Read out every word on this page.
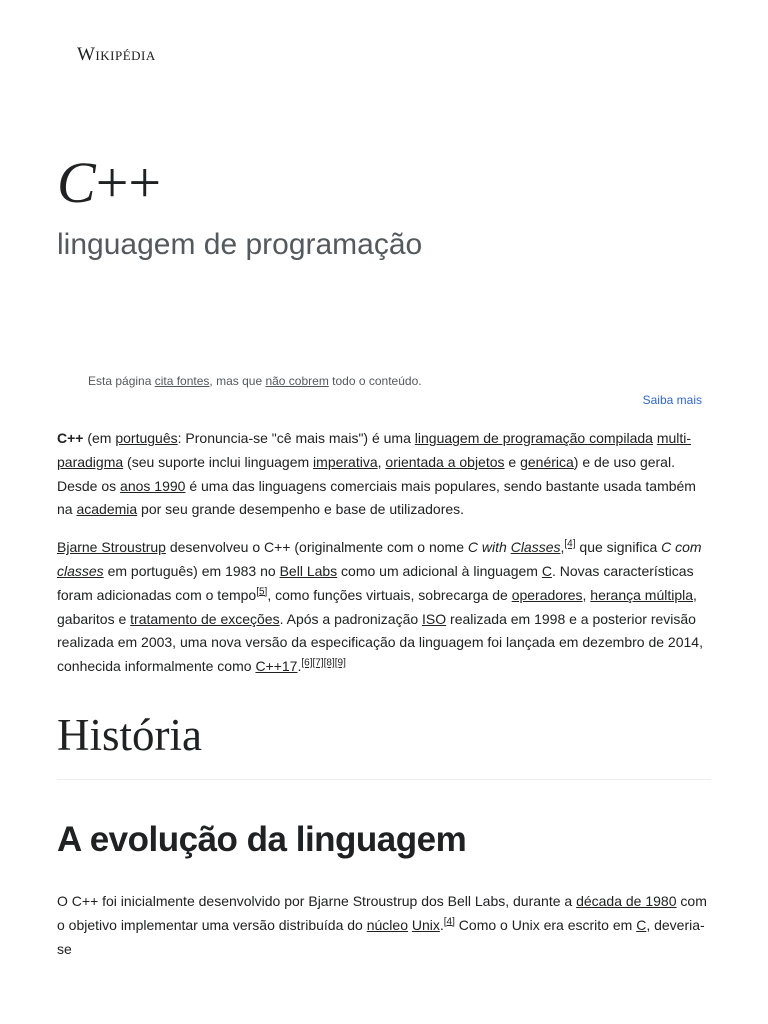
Wikipédia
C++
linguagem de programação
Esta página cita fontes, mas que não cobrem todo o conteúdo.
Saiba mais

C++ (em português: Pronuncia-se "cê mais mais") é uma linguagem de programação compilada multi-paradigma (seu suporte inclui linguagem imperativa, orientada a objetos e genérica) e de uso geral. Desde os anos 1990 é uma das linguagens comerciais mais populares, sendo bastante usada também na academia por seu grande desempenho e base de utilizadores.

Bjarne Stroustrup desenvolveu o C++ (originalmente com o nome C with Classes,[4] que significa C com classes em português) em 1983 no Bell Labs como um adicional à linguagem C. Novas características foram adicionadas com o tempo[5], como funções virtuais, sobrecarga de operadores, herança múltipla, gabaritos e tratamento de exceções. Após a padronização ISO realizada em 1998 e a posterior revisão realizada em 2003, uma nova versão da especificação da linguagem foi lançada em dezembro de 2014, conhecida informalmente como C++17.[6][7][8][9]

História
A evolução da linguagem

O C++ foi inicialmente desenvolvido por Bjarne Stroustrup dos Bell Labs, durante a década de 1980 com o objetivo implementar uma versão distribuída do núcleo Unix.[4] Como o Unix era escrito em C, deveria-se
